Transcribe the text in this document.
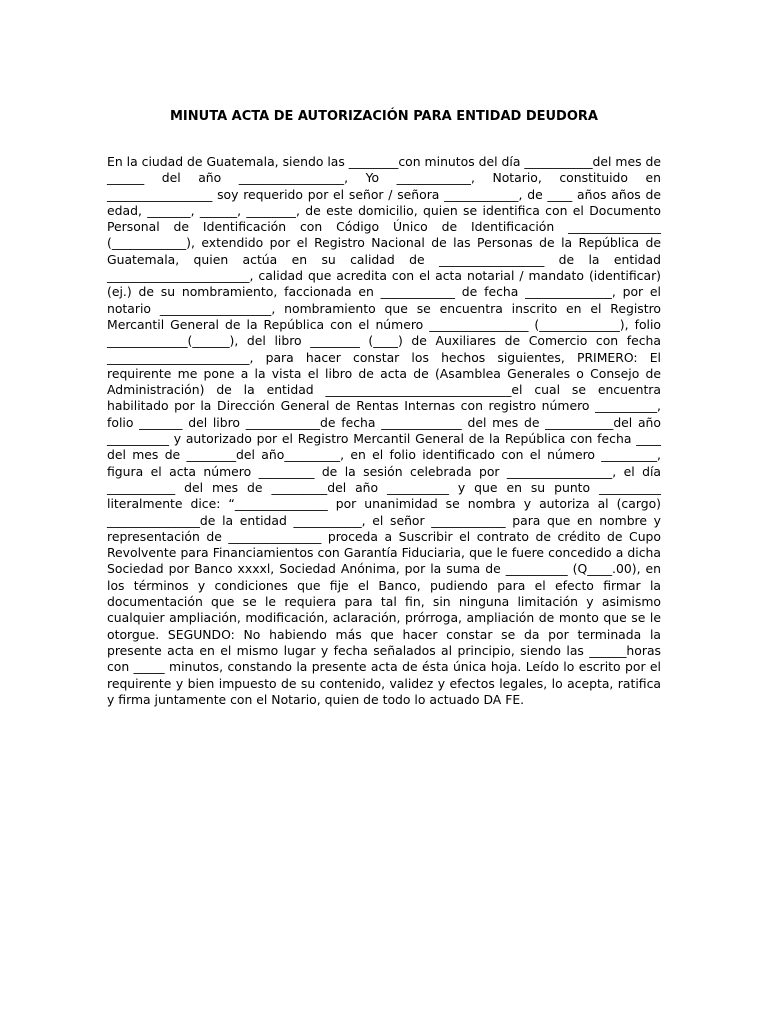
MINUTA ACTA DE AUTORIZACIÓN PARA ENTIDAD DEUDORA

En la ciudad de Guatemala, siendo las ________con minutos del día ___________del mes de ______ del año _________________, Yo ____________, Notario, constituido en _________________ soy requerido por el señor / señora ____________, de ____ años años de edad, _______, ______, ________, de este domicilio, quien se identifica con el Documento Personal de Identificación con Código Único de Identificación _______________ (____________), extendido por el Registro Nacional de las Personas de la República de Guatemala, quien actúa en su calidad de _________________ de la entidad _______________________, calidad que acredita con el acta notarial / mandato (identificar) (ej.) de su nombramiento, faccionada en ____________ de fecha ______________, por el notario __________________, nombramiento que se encuentra inscrito en el Registro Mercantil General de la República con el número ________________ (_____________), folio _____________(______), del libro ________ (____) de Auxiliares de Comercio con fecha _______________________, para hacer constar los hechos siguientes, PRIMERO: El requirente me pone a la vista el libro de acta de (Asamblea Generales o Consejo de Administración) de la entidad ______________________________el cual se encuentra habilitado por la Dirección General de Rentas Internas con registro número __________, folio _______ del libro ____________de fecha _____________ del mes de ___________del año __________ y autorizado por el Registro Mercantil General de la República con fecha ____ del mes de ________del año_________, en el folio identificado con el número _________, figura el acta número _________ de la sesión celebrada por _________________, el día ___________ del mes de _________del año __________ y que en su punto __________ literalmente dice: “_______________ por unanimidad se nombra y autoriza al (cargo) _______________de la entidad ___________, el señor ____________ para que en nombre y representación de _______________ proceda a Suscribir el contrato de crédito de Cupo Revolvente para Financiamientos con Garantía Fiduciaria, que le fuere concedido a dicha Sociedad por Banco xxxxl, Sociedad Anónima, por la suma de __________ (Q____.00), en los términos y condiciones que fije el Banco, pudiendo para el efecto firmar la documentación que se le requiera para tal fin, sin ninguna limitación y asimismo cualquier ampliación, modificación, aclaración, prórroga, ampliación de monto que se le otorgue. SEGUNDO: No habiendo más que hacer constar se da por terminada la presente acta en el mismo lugar y fecha señalados al principio, siendo las ______horas con _____ minutos, constando la presente acta de ésta única hoja. Leído lo escrito por el requirente y bien impuesto de su contenido, validez y efectos legales, lo acepta, ratifica y firma juntamente con el Notario, quien de todo lo actuado DA FE.
